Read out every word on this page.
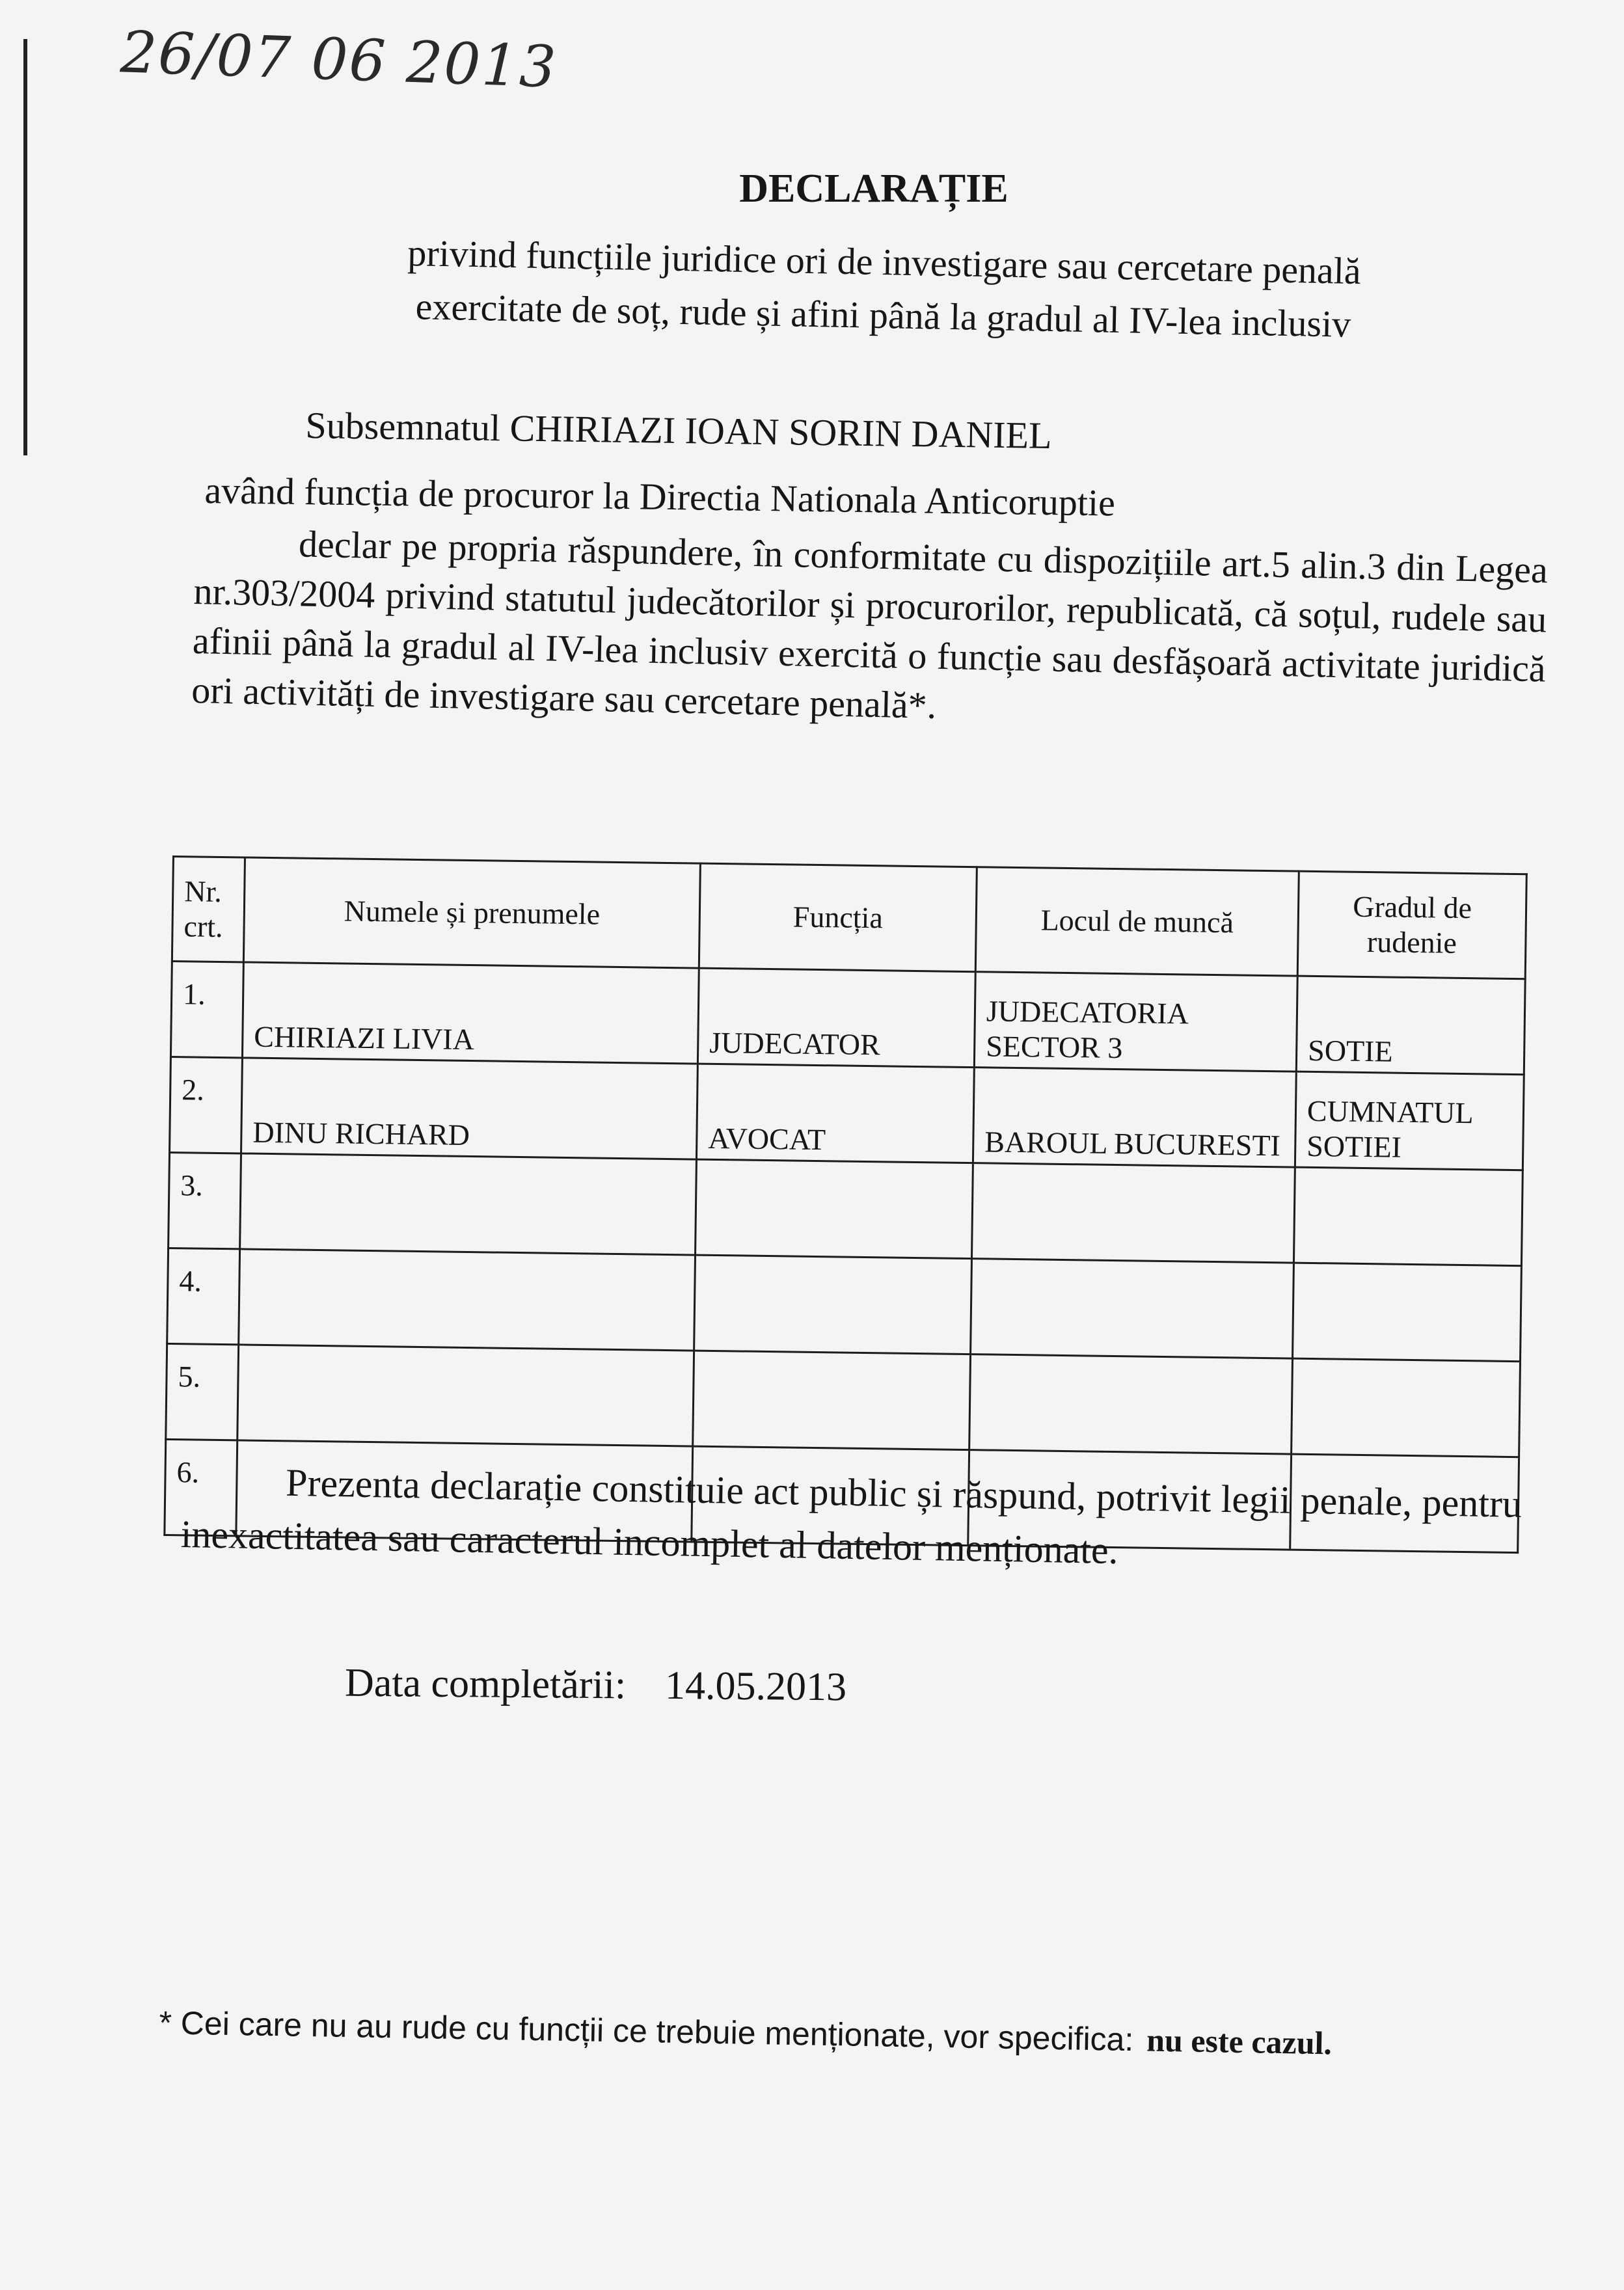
26/07 06 2013
DECLARAȚIE
privind funcțiile juridice ori de investigare sau cercetare penală
exercitate de soț, rude și afini până la gradul al IV-lea inclusiv
Subsemnatul CHIRIAZI IOAN SORIN DANIEL
având funcția de procuror la Directia Nationala Anticoruptie
declar pe propria răspundere, în conformitate cu dispozițiile art.5 alin.3 din Legea nr.303/2004 privind statutul judecătorilor și procurorilor, republicată, că soțul, rudele sau afinii până la gradul al IV-lea inclusiv exercită o funcție sau desfășoară activitate juridică ori activități de investigare sau cercetare penală*.
Nr. crt.	Numele și prenumele	Funcția	Locul de muncă	Gradul de rudenie
1.	CHIRIAZI LIVIA	JUDECATOR	JUDECATORIA SECTOR 3	SOTIE
2.	DINU RICHARD	AVOCAT	BAROUL BUCURESTI	CUMNATUL SOTIEI
3.				
4.				
5.				
6.					Prezenta declarație constituie act public și răspund, potrivit legii penale, pentru inexactitatea sau caracterul incomplet al datelor menționate.
Data completării: 14.05.2013
* Cei care nu au rude cu funcții ce trebuie menționate, vor specifica: nu este cazul.
